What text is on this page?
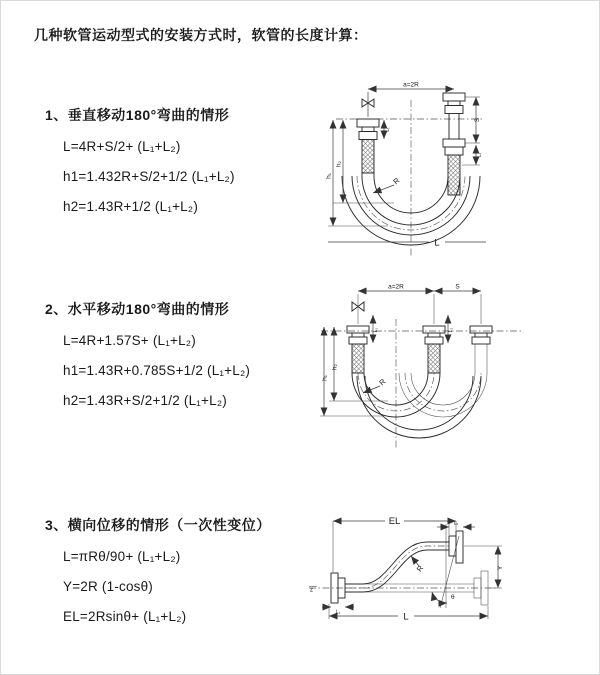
几种软管运动型式的安装方式时，软管的长度计算：
1、垂直移动180°弯曲的情形
L=4R+S/2+ (L₁+L₂)
h1=1.432R+S/2+1/2 (L₁+L₂)
h2=1.43R+1/2 (L₁+L₂)
2、水平移动180°弯曲的情形
L=4R+1.57S+ (L₁+L₂)
h1=1.43R+0.785S+1/2 (L₁+L₂)
h2=1.43R+S/2+1/2 (L₁+L₂)
3、横向位移的情形（一次性变位）
L=πRθ/90+ (L₁+L₂)
Y=2R (1-cosθ)
EL=2Rsinθ+ (L₁+L₂)
a=2R
S
L₂
L₁
h₁
h₂
R
L
a=2R	S
h₁
h₂
L₁	L₂
R
EL	L₂
Y
L
L₁
θ
R
z
